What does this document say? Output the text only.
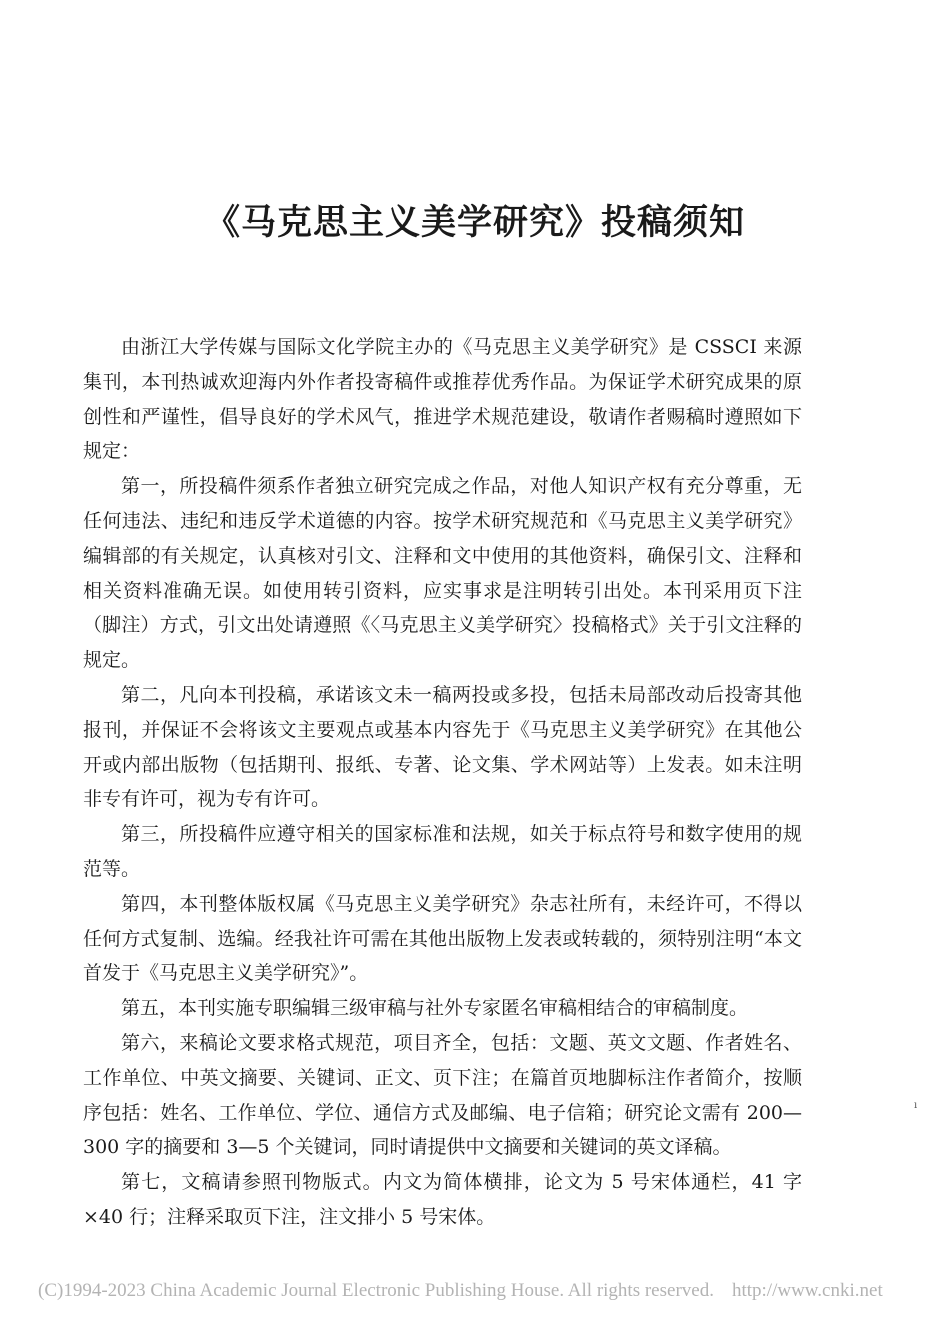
《马克思主义美学研究》投稿须知

由浙江大学传媒与国际文化学院主办的《马克思主义美学研究》是 CSSCI 来源集刊，本刊热诚欢迎海内外作者投寄稿件或推荐优秀作品。为保证学术研究成果的原创性和严谨性，倡导良好的学术风气，推进学术规范建设，敬请作者赐稿时遵照如下规定：

第一，所投稿件须系作者独立研究完成之作品，对他人知识产权有充分尊重，无任何违法、违纪和违反学术道德的内容。按学术研究规范和《马克思主义美学研究》编辑部的有关规定，认真核对引文、注释和文中使用的其他资料，确保引文、注释和相关资料准确无误。如使用转引资料，应实事求是注明转引出处。本刊采用页下注（脚注）方式，引文出处请遵照《〈马克思主义美学研究〉投稿格式》关于引文注释的规定。

第二，凡向本刊投稿，承诺该文未一稿两投或多投，包括未局部改动后投寄其他报刊，并保证不会将该文主要观点或基本内容先于《马克思主义美学研究》在其他公开或内部出版物（包括期刊、报纸、专著、论文集、学术网站等）上发表。如未注明非专有许可，视为专有许可。

第三，所投稿件应遵守相关的国家标准和法规，如关于标点符号和数字使用的规范等。

第四，本刊整体版权属《马克思主义美学研究》杂志社所有，未经许可，不得以任何方式复制、选编。经我社许可需在其他出版物上发表或转载的，须特别注明“本文首发于《马克思主义美学研究》”。

第五，本刊实施专职编辑三级审稿与社外专家匿名审稿相结合的审稿制度。

第六，来稿论文要求格式规范，项目齐全，包括：文题、英文文题、作者姓名、工作单位、中英文摘要、关键词、正文、页下注；在篇首页地脚标注作者简介，按顺序包括：姓名、工作单位、学位、通信方式及邮编、电子信箱；研究论文需有 200—300 字的摘要和 3—5 个关键词，同时请提供中文摘要和关键词的英文译稿。

第七，文稿请参照刊物版式。内文为简体横排，论文为 5 号宋体通栏，41 字×40 行；注释采取页下注，注文排小 5 号宋体。

ı
(C)1994-2023 China Academic Journal Electronic Publishing House. All rights reserved. http://www.cnki.net
